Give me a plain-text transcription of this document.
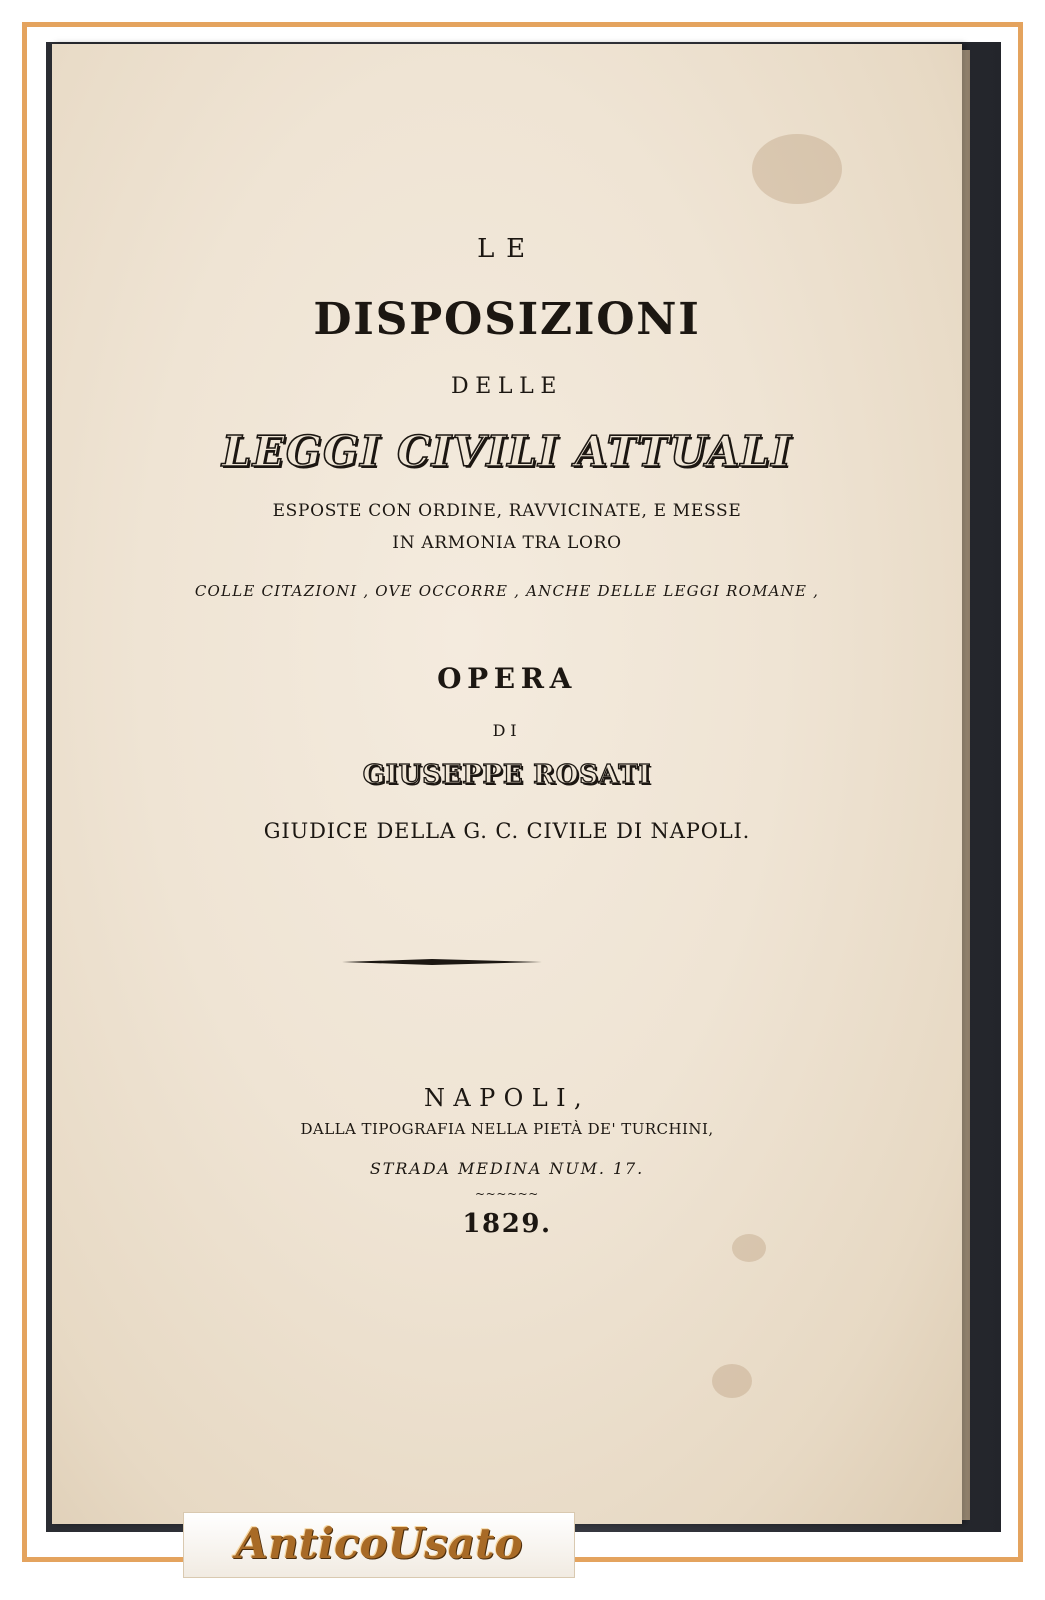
LE
DISPOSIZIONI
DELLE
LEGGI CIVILI ATTUALI
ESPOSTE CON ORDINE, RAVVICINATE, E MESSE
IN ARMONIA TRA LORO
COLLE CITAZIONI , OVE OCCORRE , ANCHE DELLE LEGGI ROMANE ,
OPERA
DI
GIUSEPPE ROSATI
GIUDICE DELLA G. C. CIVILE DI NAPOLI.
NAPOLI,
DALLA TIPOGRAFIA NELLA PIETÀ DE' TURCHINI,
STRADA MEDINA NUM. 17.
~~~~~~
1829.
AnticoUsato
